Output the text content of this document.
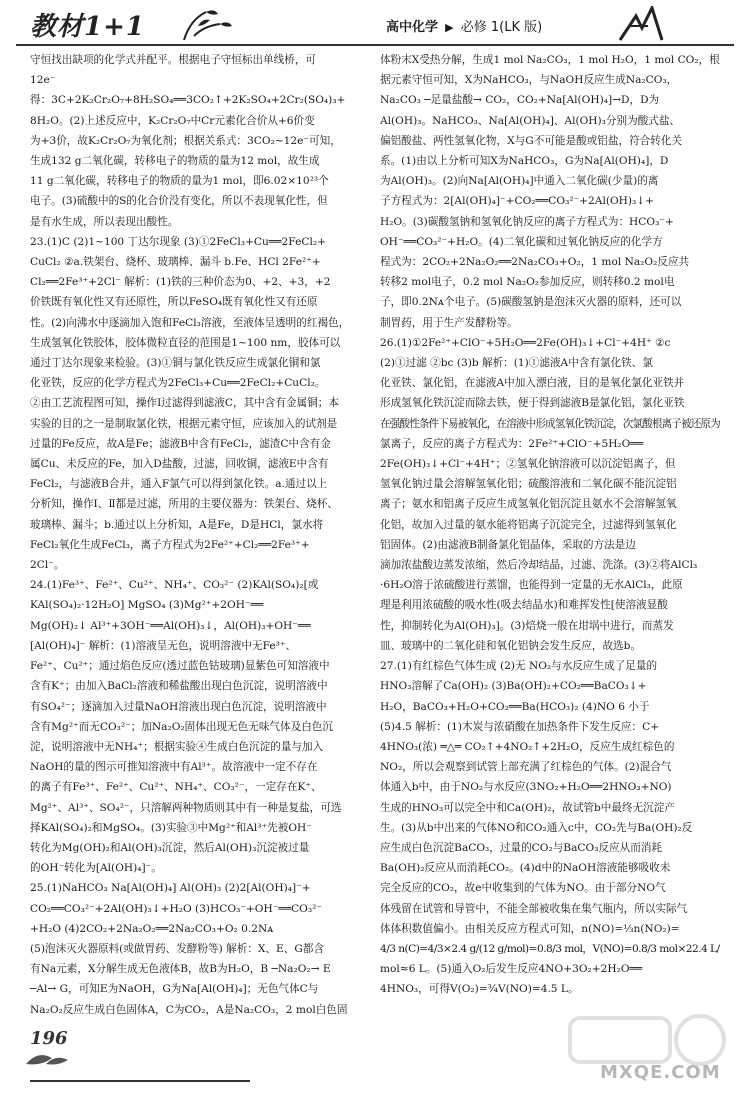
教材1+1	高中化学 ▶ 必修 1(LK 版)
守恒找出缺项的化学式并配平。根据电子守恒标出单线桥，可
12e⁻
得：3C+2K₂Cr₂O₇+8H₂SO₄══3CO₂↑+2K₂SO₄+2Cr₂(SO₄)₃+
8H₂O。(2)上述反应中，K₂Cr₂O₇中Cr元素化合价从+6价变
为+3价，故K₂Cr₂O₇为氧化剂；根据关系式：3CO₂~12e⁻可知，
生成132 g二氧化碳，转移电子的物质的量为12 mol，故生成
11 g二氧化碳，转移电子的物质的量为1 mol，即6.02×10²³个
电子。(3)硫酸中的S的化合价没有变化，所以不表现氧化性，但
是有水生成，所以表现出酸性。
23.(1)C (2)1~100 丁达尔现象 (3)①2FeCl₃+Cu══2FeCl₂+
CuCl₂ ②a.铁架台、烧杯、玻璃棒、漏斗 b.Fe、HCl 2Fe²⁺+
Cl₂══2Fe³⁺+2Cl⁻ 解析：(1)铁的三种价态为0、+2、+3，+2
价铁既有氧化性又有还原性，所以FeSO₄既有氧化性又有还原
性。(2)向沸水中逐滴加入饱和FeCl₃溶液，至液体呈透明的红褐色，
生成氢氧化铁胶体，胶体微粒直径的范围是1~100 nm，胶体可以
通过丁达尔现象来检验。(3)①铜与氯化铁反应生成氯化铜和氯
化亚铁，反应的化学方程式为2FeCl₃+Cu══2FeCl₂+CuCl₂。
②由工艺流程图可知，操作Ⅰ过滤得到滤液C，其中含有金属铜；本
实验的目的之一是制取氯化铁，根据元素守恒，应该加入的试剂是
过量的Fe反应，故A是Fe；滤液B中含有FeCl₂，滤渣C中含有金
属Cu、未反应的Fe，加入D盐酸，过滤，回收铜，滤液E中含有
FeCl₂，与滤液B合并，通入F氯气可以得到氯化铁。a.通过以上
分析知，操作Ⅰ、Ⅱ都是过滤，所用的主要仪器为：铁架台、烧杯、
玻璃棒、漏斗；b.通过以上分析知，A是Fe，D是HCl，氯水将
FeCl₂氧化生成FeCl₃，离子方程式为2Fe²⁺+Cl₂══2Fe³⁺+
2Cl⁻。
24.(1)Fe³⁺、Fe²⁺、Cu²⁺、NH₄⁺、CO₃²⁻ (2)KAl(SO₄)₂[或
KAl(SO₄)₂·12H₂O] MgSO₄ (3)Mg²⁺+2OH⁻══
Mg(OH)₂↓ Al³⁺+3OH⁻══Al(OH)₃↓，Al(OH)₃+OH⁻══
[Al(OH)₄]⁻ 解析：(1)溶液呈无色，说明溶液中无Fe³⁺、
Fe²⁺、Cu²⁺；通过焰色反应(透过蓝色钴玻璃)显紫色可知溶液中
含有K⁺；由加入BaCl₂溶液和稀盐酸出现白色沉淀，说明溶液中
有SO₄²⁻；逐滴加入过量NaOH溶液出现白色沉淀，说明溶液中
含有Mg²⁺而无CO₃²⁻；加Na₂O₂固体出现无色无味气体及白色沉
淀，说明溶液中无NH₄⁺；根据实验④生成白色沉淀的量与加入
NaOH的量的图示可推知溶液中有Al³⁺。故溶液中一定不存在
的离子有Fe³⁺、Fe²⁺、Cu²⁺、NH₄⁺、CO₃²⁻，一定存在K⁺、
Mg²⁺、Al³⁺、SO₄²⁻，只溶解两种物质则其中有一种是复盐，可选
择KAl(SO₄)₂和MgSO₄。(3)实验③中Mg²⁺和Al³⁺先被OH⁻
转化为Mg(OH)₂和Al(OH)₃沉淀，然后Al(OH)₃沉淀被过量
的OH⁻转化为[Al(OH)₄]⁻。
25.(1)NaHCO₃ Na[Al(OH)₄] Al(OH)₃ (2)2[Al(OH)₄]⁻+
CO₂══CO₃²⁻+2Al(OH)₃↓+H₂O (3)HCO₃⁻+OH⁻══CO₃²⁻
+H₂O (4)2CO₂+2Na₂O₂══2Na₂CO₃+O₂ 0.2Nᴀ
(5)泡沫灭火器原料(或做胃药、发酵粉等) 解析：X、E、G都含
有Na元素，X分解生成无色液体B，故B为H₂O，B ─Na₂O₂→ E
─Al→ G，可知E为NaOH，G为Na[Al(OH)₄]；无色气体C与
Na₂O₂反应生成白色固体A，C为CO₂，A是Na₂CO₃，2 mol白色固
体粉末X受热分解，生成1 mol Na₂CO₃，1 mol H₂O，1 mol CO₂，根
据元素守恒可知，X为NaHCO₃，与NaOH反应生成Na₂CO₃，
Na₂CO₃ ─足量盐酸→ CO₂，CO₂+Na[Al(OH)₄]→D，D为
Al(OH)₃。NaHCO₃、Na[Al(OH)₄]、Al(OH)₃分别为酸式盐、
偏铝酸盐、两性氢氧化物，X与G不可能是酸或铝盐，符合转化关
系。(1)由以上分析可知X为NaHCO₃，G为Na[Al(OH)₄]，D
为Al(OH)₃。(2)向Na[Al(OH)₄]中通入二氧化碳(少量)的离
子方程式为：2[Al(OH)₄]⁻+CO₂══CO₃²⁻+2Al(OH)₃↓+
H₂O。(3)碳酸氢钠和氢氧化钠反应的离子方程式为：HCO₃⁻+
OH⁻══CO₃²⁻+H₂O。(4)二氧化碳和过氧化钠反应的化学方
程式为：2CO₂+2Na₂O₂══2Na₂CO₃+O₂，1 mol Na₂O₂反应共
转移2 mol电子，0.2 mol Na₂O₂参加反应，则转移0.2 mol电
子，即0.2Nᴀ个电子。(5)碳酸氢钠是泡沫灭火器的原料，还可以
制胃药，用于生产发酵粉等。
26.(1)①2Fe²⁺+ClO⁻+5H₂O══2Fe(OH)₃↓+Cl⁻+4H⁺ ②c
(2)①过滤 ②bc (3)b 解析：(1)①滤液A中含有氯化铁、氯
化亚铁、氯化铝，在滤液A中加入漂白液，目的是氧化氯化亚铁并
形成氢氧化铁沉淀而除去铁，便于得到滤液B是氯化铝，氯化亚铁
在强酸性条件下易被氧化，在溶液中形成氢氧化铁沉淀，次氯酸根离子被还原为
氯离子，反应的离子方程式为：2Fe²⁺+ClO⁻+5H₂O══
2Fe(OH)₃↓+Cl⁻+4H⁺；②氢氧化钠溶液可以沉淀铝离子，但
氢氧化钠过量会溶解氢氧化铝；硫酸溶液和二氧化碳不能沉淀铝
离子；氨水和铝离子反应生成氢氧化铝沉淀且氨水不会溶解氢氧
化铝，故加入过量的氨水能将铝离子沉淀完全，过滤得到氢氧化
铝固体。(2)由滤液B制备氯化铝晶体，采取的方法是边
滴加浓盐酸边蒸发浓缩，然后冷却结晶，过滤、洗涤。(3)②将AlCl₃
·6H₂O溶于浓硫酸进行蒸馏，也能得到一定量的无水AlCl₃，此原
理是利用浓硫酸的吸水性(吸去结晶水)和难挥发性[使溶液显酸
性，抑制转化为Al(OH)₃]。(3)焙烧一般在坩埚中进行，而蒸发
皿、玻璃中的二氧化硅和氧化铝钠会发生反应，故选b。
27.(1)有红棕色气体生成 (2)无 NO₂与水反应生成了足量的
HNO₃溶解了Ca(OH)₂ (3)Ba(OH)₂+CO₂══BaCO₃↓+
H₂O，BaCO₃+H₂O+CO₂══Ba(HCO₃)₂ (4)NO 6 小于
(5)4.5 解析：(1)木炭与浓硝酸在加热条件下发生反应：C+
4HNO₃(浓) ═△═ CO₂↑+4NO₂↑+2H₂O，反应生成红棕色的
NO₂，所以会观察到试管上部充满了红棕色的气体。(2)混合气
体通入b中，由于NO₂与水反应(3NO₂+H₂O══2HNO₃+NO)
生成的HNO₃可以完全中和Ca(OH)₂，故试管b中最终无沉淀产
生。(3)从b中出来的气体NO和CO₂通入c中，CO₂先与Ba(OH)₂反
应生成白色沉淀BaCO₃，过量的CO₂与BaCO₃反应从而消耗
Ba(OH)₂反应从而消耗CO₂。(4)d中的NaOH溶液能够吸收未
完全反应的CO₂，故e中收集到的气体为NO。由于部分NO气
体残留在试管和导管中，不能全部被收集在集气瓶内，所以实际气
体体积数值偏小。由相关反应方程式可知，n(NO)=⅓n(NO₂)=
4/3 n(C)=4/3×2.4 g/(12 g/mol)=0.8/3 mol，V(NO)=0.8/3 mol×22.4 L/
mol≈6 L。(5)通入O₂后发生反应4NO+3O₂+2H₂O══
4HNO₃，可得V(O₂)=¾V(NO)=4.5 L。
196
MXQE.COM
